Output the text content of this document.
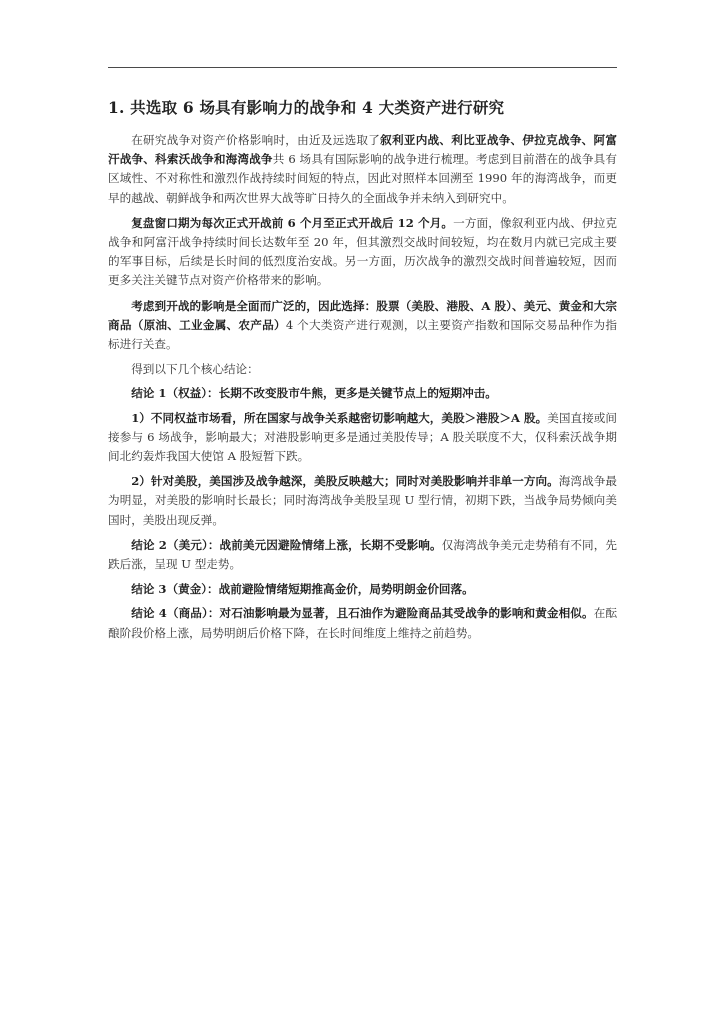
1. 共选取 6 场具有影响力的战争和 4 大类资产进行研究

在研究战争对资产价格影响时，由近及远选取了叙利亚内战、利比亚战争、伊拉克战争、阿富汗战争、科索沃战争和海湾战争共 6 场具有国际影响的战争进行梳理。考虑到目前潜在的战争具有区域性、不对称性和激烈作战持续时间短的特点，因此对照样本回溯至 1990 年的海湾战争，而更早的越战、朝鲜战争和两次世界大战等旷日持久的全面战争并未纳入到研究中。

复盘窗口期为每次正式开战前 6 个月至正式开战后 12 个月。一方面，像叙利亚内战、伊拉克战争和阿富汗战争持续时间长达数年至 20 年，但其激烈交战时间较短，均在数月内就已完成主要的军事目标，后续是长时间的低烈度治安战。另一方面，历次战争的激烈交战时间普遍较短，因而更多关注关键节点对资产价格带来的影响。

考虑到开战的影响是全面而广泛的，因此选择：股票（美股、港股、A 股）、美元、黄金和大宗商品（原油、工业金属、农产品）4 个大类资产进行观测，以主要资产指数和国际交易品种作为指标进行关查。

得到以下几个核心结论：

结论 1（权益）：长期不改变股市牛熊，更多是关键节点上的短期冲击。

1）不同权益市场看，所在国家与战争关系越密切影响越大，美股＞港股＞A 股。美国直接或间接参与 6 场战争，影响最大；对港股影响更多是通过美股传导；A 股关联度不大，仅科索沃战争期间北约轰炸我国大使馆 A 股短暂下跌。

2）针对美股，美国涉及战争越深，美股反映越大；同时对美股影响并非单一方向。海湾战争最为明显，对美股的影响时长最长；同时海湾战争美股呈现 U 型行情，初期下跌，当战争局势倾向美国时，美股出现反弹。

结论 2（美元）：战前美元因避险情绪上涨，长期不受影响。仅海湾战争美元走势稍有不同，先跌后涨，呈现 U 型走势。

结论 3（黄金）：战前避险情绪短期推高金价，局势明朗金价回落。

结论 4（商品）：对石油影响最为显著，且石油作为避险商品其受战争的影响和黄金相似。在酝酿阶段价格上涨，局势明朗后价格下降，在长时间维度上维持之前趋势。
